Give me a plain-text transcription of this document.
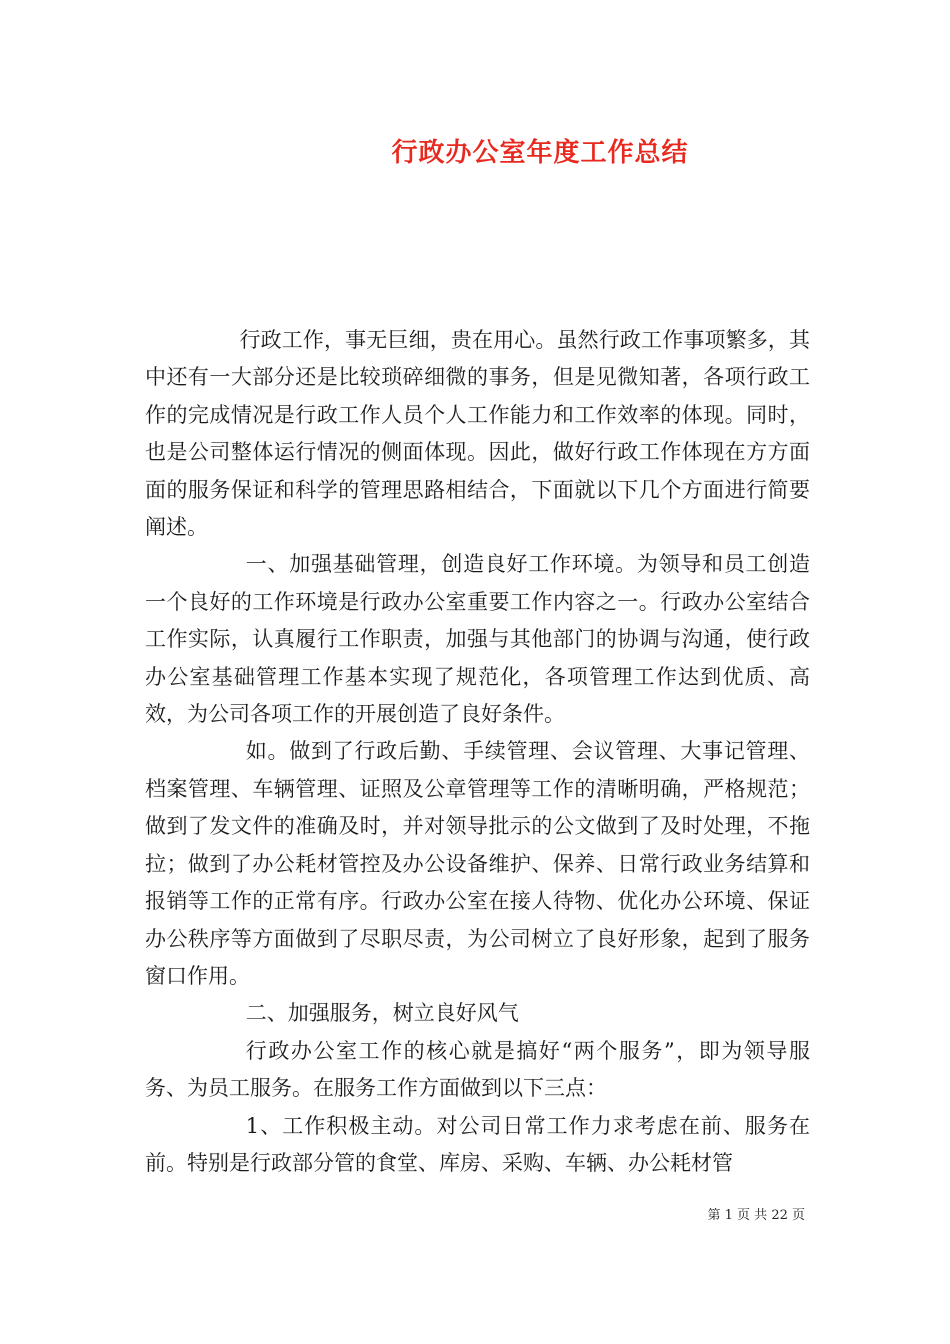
行政办公室年度工作总结

行政工作，事无巨细，贵在用心。虽然行政工作事项繁多，其中还有一大部分还是比较琐碎细微的事务，但是见微知著，各项行政工作的完成情况是行政工作人员个人工作能力和工作效率的体现。同时，也是公司整体运行情况的侧面体现。因此，做好行政工作体现在方方面面的服务保证和科学的管理思路相结合，下面就以下几个方面进行简要阐述。

一、加强基础管理，创造良好工作环境。为领导和员工创造一个良好的工作环境是行政办公室重要工作内容之一。行政办公室结合工作实际，认真履行工作职责，加强与其他部门的协调与沟通，使行政办公室基础管理工作基本实现了规范化，各项管理工作达到优质、高效，为公司各项工作的开展创造了良好条件。

如。做到了行政后勤、手续管理、会议管理、大事记管理、档案管理、车辆管理、证照及公章管理等工作的清晰明确，严格规范；做到了发文件的准确及时，并对领导批示的公文做到了及时处理，不拖拉；做到了办公耗材管控及办公设备维护、保养、日常行政业务结算和报销等工作的正常有序。行政办公室在接人待物、优化办公环境、保证办公秩序等方面做到了尽职尽责，为公司树立了良好形象，起到了服务窗口作用。

二、加强服务，树立良好风气

行政办公室工作的核心就是搞好“两个服务”，即为领导服务、为员工服务。在服务工作方面做到以下三点：

1、工作积极主动。对公司日常工作力求考虑在前、服务在前。特别是行政部分管的食堂、库房、采购、车辆、办公耗材管

第 1 页 共 22 页
